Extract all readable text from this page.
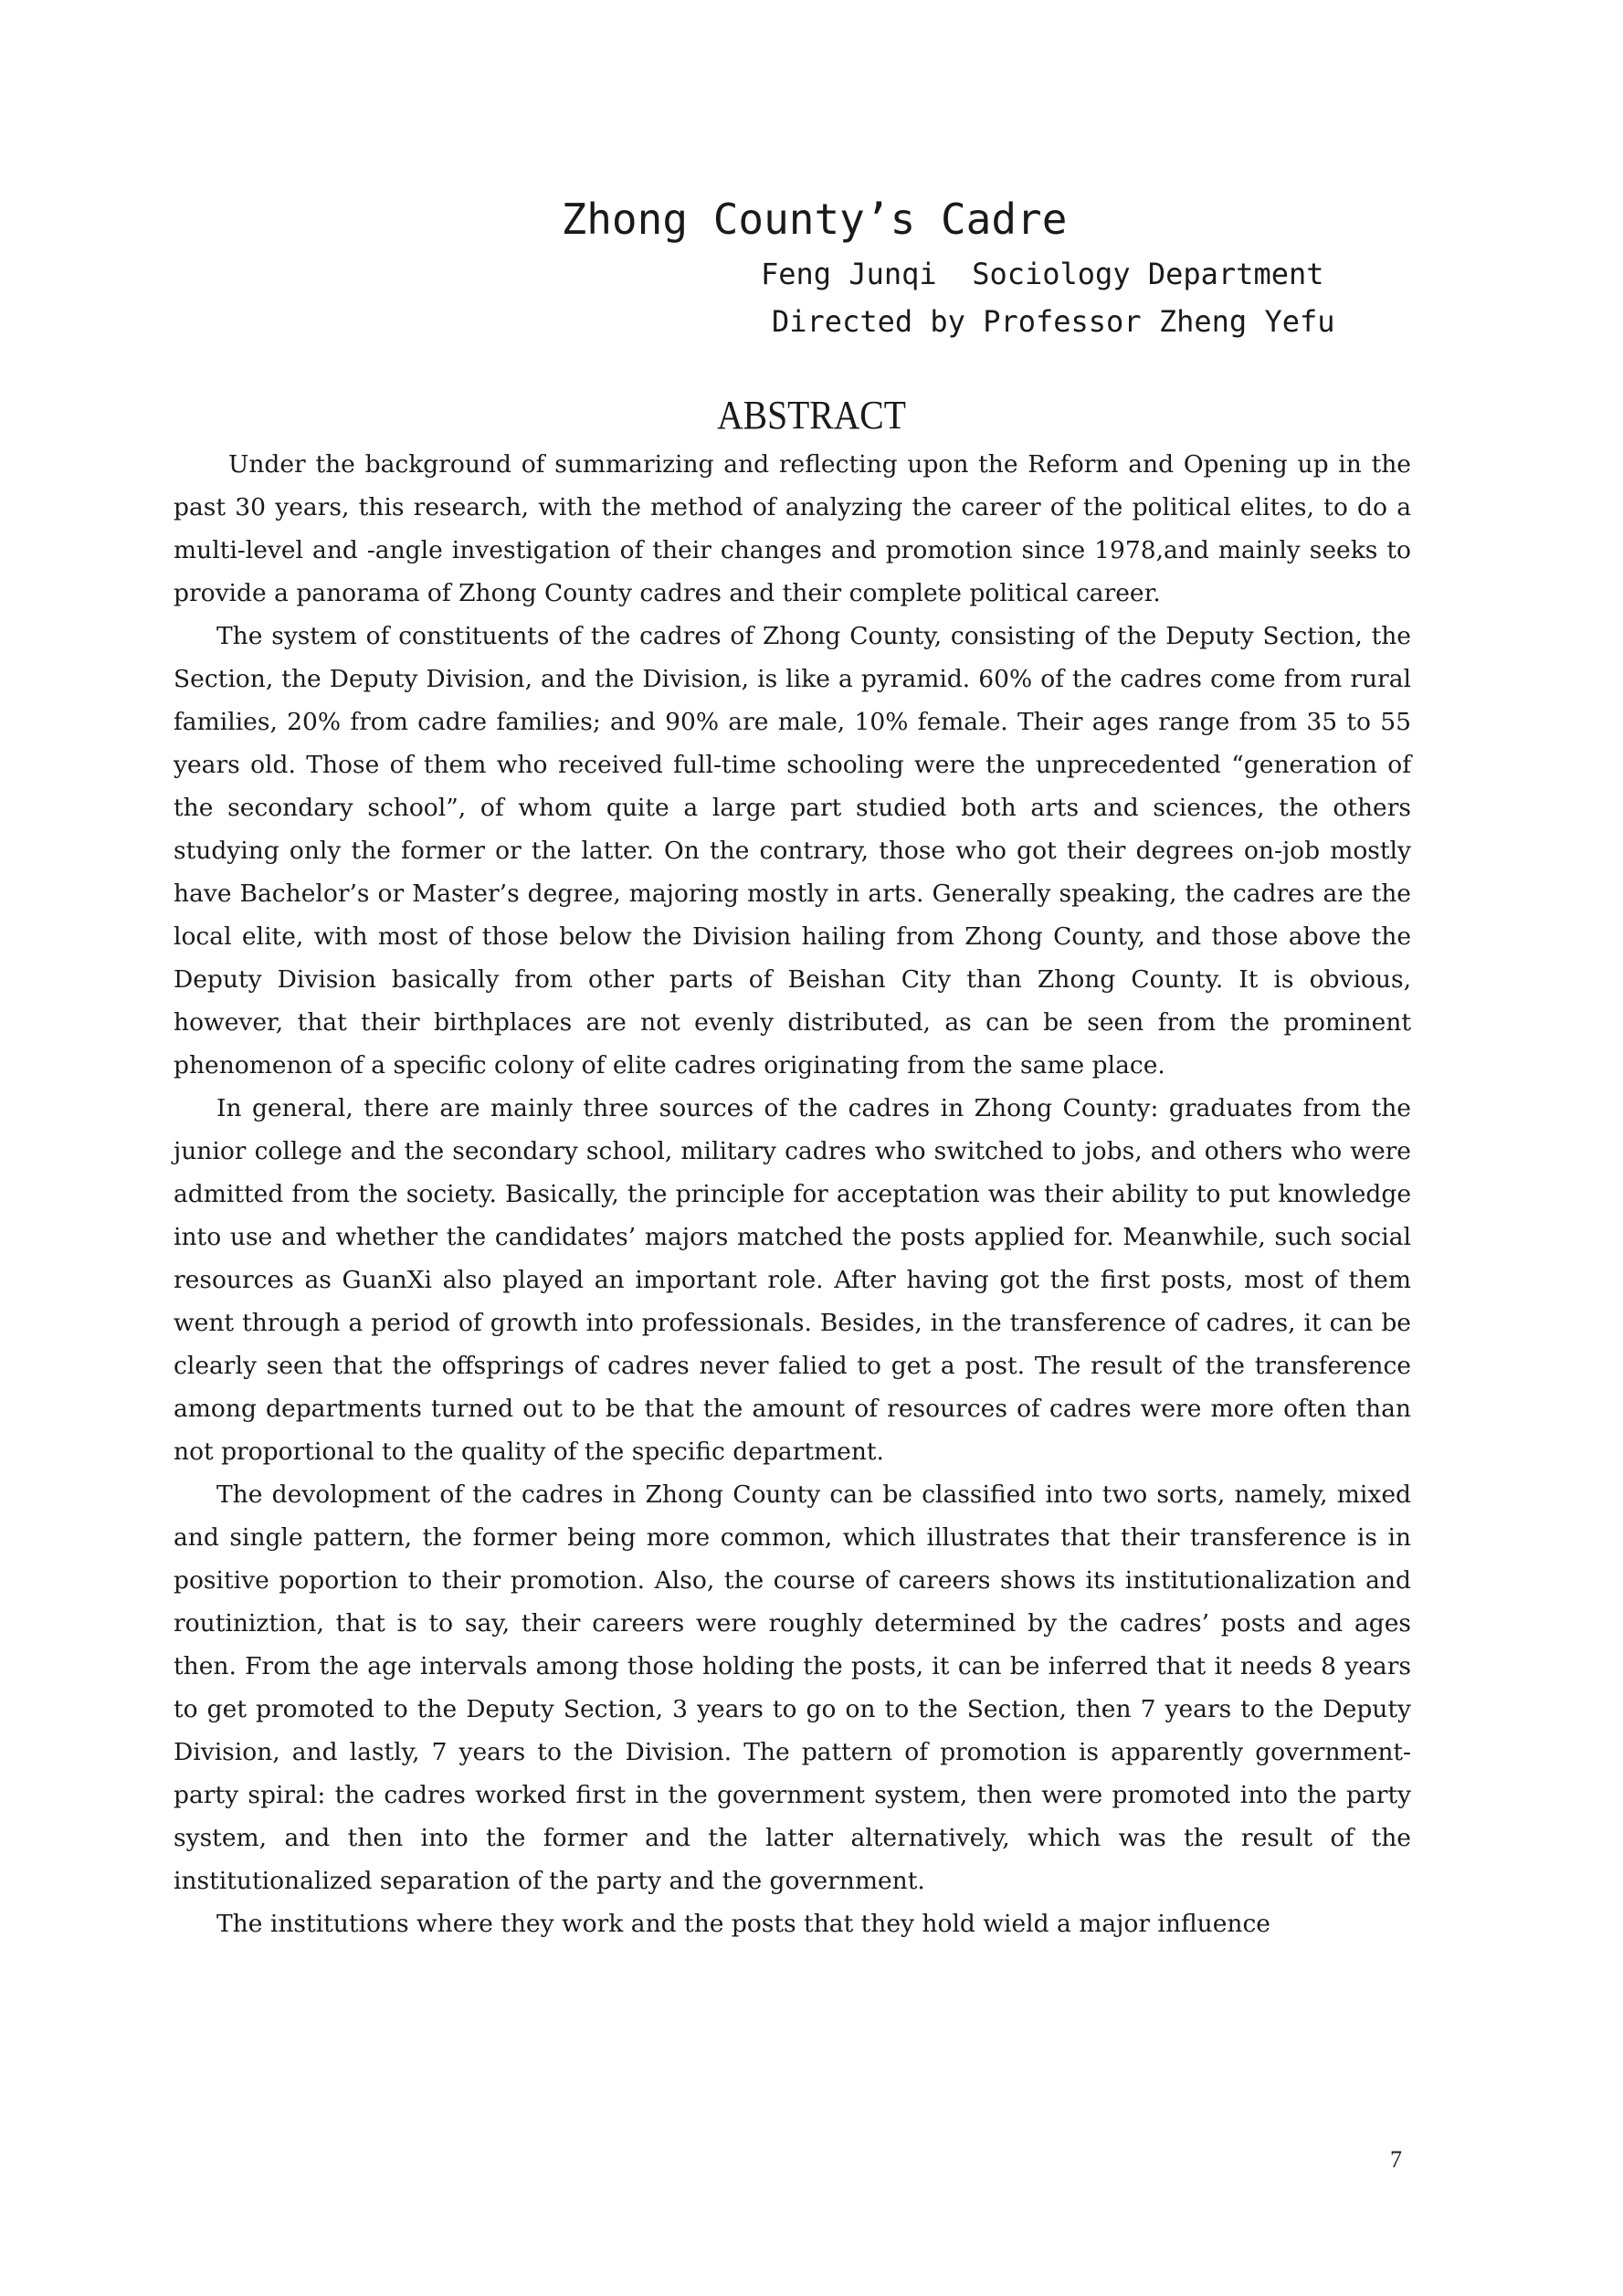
Zhong County’s Cadre
Feng Junqi  Sociology Department
Directed by Professor Zheng Yefu
ABSTRACT

Under the background of summarizing and reflecting upon the Reform and Opening up in the past 30 years, this research, with the method of analyzing the career of the political elites, to do a multi-level and -angle investigation of their changes and promotion since 1978,and mainly seeks to provide a panorama of Zhong County cadres and their complete political career.

The system of constituents of the cadres of Zhong County, consisting of the Deputy Section, the Section, the Deputy Division, and the Division, is like a pyramid. 60% of the cadres come from rural families, 20% from cadre families; and 90% are male, 10% female. Their ages range from 35 to 55 years old. Those of them who received full-time schooling were the unprecedented “generation of the secondary school”, of whom quite a large part studied both arts and sciences, the others studying only the former or the latter. On the contrary, those who got their degrees on-job mostly have Bachelor’s or Master’s degree, majoring mostly in arts. Generally speaking, the cadres are the local elite, with most of those below the Division hailing from Zhong County, and those above the Deputy Division basically from other parts of Beishan City than Zhong County. It is obvious, however, that their birthplaces are not evenly distributed, as can be seen from the prominent phenomenon of a specific colony of elite cadres originating from the same place.

In general, there are mainly three sources of the cadres in Zhong County: graduates from the junior college and the secondary school, military cadres who switched to jobs, and others who were admitted from the society. Basically, the principle for acceptation was their ability to put knowledge into use and whether the candidates’ majors matched the posts applied for. Meanwhile, such social resources as GuanXi also played an important role. After having got the first posts, most of them went through a period of growth into professionals. Besides, in the transference of cadres, it can be clearly seen that the offsprings of cadres never falied to get a post. The result of the transference among departments turned out to be that the amount of resources of cadres were more often than not proportional to the quality of the specific department.

The devolopment of the cadres in Zhong County can be classified into two sorts, namely, mixed and single pattern, the former being more common, which illustrates that their transference is in positive poportion to their promotion. Also, the course of careers shows its institutionalization and routiniztion, that is to say, their careers were roughly determined by the cadres’ posts and ages then. From the age intervals among those holding the posts, it can be inferred that it needs 8 years to get promoted to the Deputy Section, 3 years to go on to the Section, then 7 years to the Deputy Division, and lastly, 7 years to the Division. The pattern of promotion is apparently government-party spiral: the cadres worked first in the government system, then were promoted into the party system, and then into the former and the latter alternatively, which was the result of the institutionalized separation of the party and the government.

The institutions where they work and the posts that they hold wield a major influence

7
